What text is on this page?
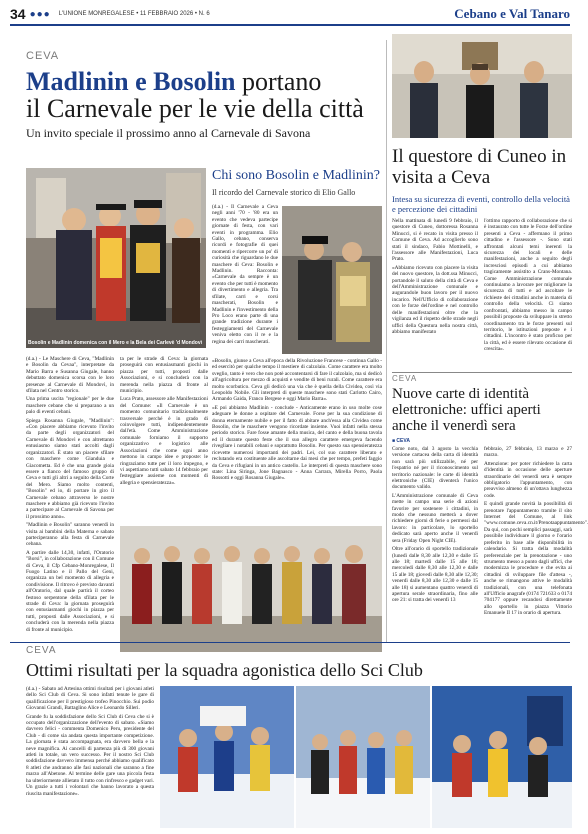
34 ●●● L'UNIONE MONREGALESE • 11 FEBBRAIO 2026 • N. 6	Cebano e Val Tanaro
CEVA
Madlinin e Bosolin portano
il Carnevale per le vie della città
Un invito speciale il prossimo anno al Carnevale di Savona
Bosolin e Madlinin domenica con il Mero e la Bela dei Carlevè 'd Mondovì

(d.a.) - Le Maschere di Ceva, "Madlinin e Bosolin da Cevaa", interpretate da Mario Barra e Susanna Giugale, hanno debuttato domenica scorsa con le loro presenze al Carnevale di Mondovì, in sfilata nel Centro storico.

Una prima uscita "regionale" per le due maschere cebane che si preparano a un palo di eventi cebani.

Spiega Rosanna Giugale, "Madlinin": «Con piacere abbiamo ricevuto l'invito da parte degli organizzatori del Carnevale di Mondovì e con altrettanto entusiasmo siamo stati accolti dagli organizzatori. È stato un piacere sfilare con maschere come Gianduia e Giacometta. Ed è che una grande gioia essere a fianco del famoso gruppo di Ceva e tutti gli altri a seguito della Corte del Mero. Siamo molto contenti, "Bosolin" ed io, di portare in giro il Carnevale cebano attraverso le nostre maschere e abbiamo già ricevuto l'invito a partecipare al Carnevale di Savona per il prossimo anno».

"Madlinin e Bosolin" saranno venerdì in visita ai bambini della Materna e sabato parteciperanno alla festa di Carnevale cebana.

A partire dalle 14,30, infatti, l'Oratorio "Borsi", in collaborazione con il Comune di Ceva, il Cfp Cebano-Monregalese, Il Fuogo Latino e il Pallo del Geni, organizza un bel momento di allegria e condivisione. Il ritrovo è previsto davanti all'Oratorio, dal quale partirà il corteo festoso serpentone della sfilata per le strade di Ceva: la giornata proseguirà con entusiasmanti giochi in piazza per tutti, proposti dalle Associazioni, e si concluderà con la merenda nella piazza di fronte al municipio.

ta per le strade di Ceva: la giornata proseguirà con entusiasmanti giochi in piazza per tutti, proposti dalle Associazioni, e si concluderà con la merenda nella piazza di fronte al municipio.

Luca Prato, assessore alle Manifestazioni del Comune: «Il Carnevale è un momento comunitario tradizionalmente trasversale perché è in grado di coinvolgere tutti, indipendentemente dall'età. Come Amministrazione comunale forniamo il supporto organizzativo e logistico alle Associazioni che come ogni anno mettono in campo idee e proposte: le ringraziamo tutte per il loro impegno, e vi aspettiamo tutti sabato 14 febbraio per festeggiare assieme con momenti di allegria e spensieratezza».

Chi sono Bosolin e Madlinin?
Il ricordo del Carnevale storico di Elio Gallo
(d.a.) - Il Carnevale a Ceva negli anni '70 - '80 era un evento che vedeva partecipe giornate di festa, con vari eventi in programma. Elio Gallo, cebano, conserva ricordi e fotografie di quei momenti e ripercorre un po' di curiosità che riguardano le due maschere di Ceva: Bosolin e Madlinin. Racconta: «Carnevale da sempre è un evento che per tutti è momento di divertimento e allegria. Tra sfilate, carri e corsi mascherati, Bosolin e Madlinin e l'investimento della Pro Loco erano parte di una grande tradizione durante i festeggiamenti del Carnevale veniva eletto con il re e la regina dei carri mascherati.

«Bosolin, giunse a Ceva all'epoca della Rivoluzione Francese - continua Gallo - ed esercitò per qualche tempo il mestiere di calzolaio. Come carattere era molto sveglio, tanto è vero che non potè accontentarsi di fare il calzolaio, ma si dedicò all'agricoltura per mezzo di acquisti e vendite di beni rurali. Come carattere era molto scorbutico. Ceva gli dedicò una via che è quella della Cividea, così via Leopoldo Nobile. Gli interpreti di queste maschere sono stati Carlotto Cairo, Armando Gaida, Franco Bergese e oggi Mario Barra».

«E poi abbiamo Madlinin - conclude - Anticamente erano in uso molte cose adeguare le donne a ospitare del Carnevale. Forse per la sua condizione di donna eternamente nubile e per il fatto di abitare anch'essa alla Cividea come Bosolin, che le maschere vengono ricordate insieme. Vuoi infatti nella stessa periodo storico. Fare fosse amante della musica, del canto e della buona tavola ed il durante questo feste che il suo allegro carattere emergeva facendo rivegliare i notabili cebani e soprattutto Bosolin. Per questo sua spensieratezza ricevette numerosi importanti dei padri. Lei, col suo carattere liberato e reclutando era costituente alle ascoltarne dai mesi che per tempo, prefeti faggio da Ceva e rifugiani in un antico castello. Le interpreti di questa maschere sono state: Lina Siringa, Jone Bagnasco - Anna Carrara, Mirella Porro, Paola Rossotti e oggi Rosanna Giugale».

Il questore di Cuneo in visita a Ceva
Intesa su sicurezza di eventi, controllo della velocità e percezione dei cittadini

Nella mattinata di lunedì 9 febbraio, il questore di Cuneo, dottoressa Rosanna Minucci, si è recato in visita presso il Comune di Ceva. Ad accoglierlo sono stati il sindaco, Fabio Mottinelli, e l'assessore alle Manifestazioni, Luca Prato.

«Abbiamo ricevuto con piacere la visita del nuovo questore, la dott.ssa Minucci, portandole il saluto della città di Ceva e dell'Amministrazione comunale e augurandole buon lavoro per il nuovo incarico. Nell'Ufficio di collaborazione con le forze dell'ordine e nel controllo delle manifestazioni oltre che la vigilanza ed il rispetto delle strade negli uffici della Questura nella nostra città, abbiamo manifestato

l'ottimo rapporto di collaborazione che si è instaurato con tutte le Forze dell'ordine presenti a Ceva - affermano il primo cittadino e l'assessore -. Sono stati affrontati alcuni temi inerenti la sicurezza dei locali e delle manifestazioni, anche a seguito degli incresciosi episodi a cui abbiamo tragicamente assistito a Crans-Montana. Come Amministrazione comunale continuiamo a lavorare per migliorare la sicurezza di tutti e ad ascoltare le richieste dei cittadini anche in materia di controllo della velocità. Ci siamo confrontati, abbiamo messo in campo possibili proposte da sviluppare in stretto coordinamento tra le forze presenti sul territorio, le istituzioni preposte e i cittadini. L'incontro è stato proficuo per la città, ed è essere rilevato occasione di crescita».
CEVA
Nuove carte di identità elettroniche: uffici aperti anche il venerdì sera
■ CEVA

Come noto, dal 3 agosto la vecchia versione cartacea della carta di identità non sarà più utilizzabile, né per l'espatrio né per il riconoscimento sul territorio nazionale: le carte di identità elettroniche (CIE) diventerà l'unico documento valido.

L'Amministrazione comunale di Ceva mette in campo una serie di azioni favorire per sostenere i cittadini, in modo che nessuno metterà a dover richiedere giorni di ferie o permessi dal lavoro: in particolare, lo sportello dedicato sarà aperto anche il venerdì sera (Friday Open Night CIE).

Oltre all'orario di sportello tradizionale (lunedì dalle 8,30 alle 12,30 e dalle 15 alle 18; martedì dalle 15 alle 18; mercoledì dalle 8,30 alle 12,30 e dalle 15 alle 18; giovedì dalle 8,30 alle 12,30; venerdì dalle 8,30 alle 12,30 e dalle 15 alle 18) si aumentano quattro venerdì di apertura serale straordinaria, fino alle ore 21: si tratta dei venerdì 13

febbraio, 27 febbraio, 13 marzo e 27 marzo.

Attenzione: per poter richiedere la carta d'identità in occasione delle aperture straordinarie del venerdì sera è sempre obbligatorio l'appuntamento, con preavviso almeno di un'ottava lunghezza code.

E quindi grande novità la possibilità di prenotare l'appuntamento tramite il sito Internet del Comune, al link "www.comune.ceva.cn.it/Prenotaappuntamento". Da qui, con pochi semplici passaggi, sarà possibile individuare il giorno e l'orario preferito in base alle disponibilità in calendario. Si tratta della modalità preferenziale per la prenotazione - uno strumento messo a punto dagli uffici, che modernizza le procedure e che evita ai cittadini di sviluppare file d'attesa -, anche se rimangono attive le modalità tradizionali, con una telefonata all'Ufficio anagrafe (0174 721633 o 0174 704177 oppure recandosi direttamente allo sportello in piazza Vittorio Emanuele II 17 in orario di apertura.

CEVA
Ottimi risultati per la squadra agonistica dello Sci Club

(d.a.) - Sabato ad Artesina ottimi risultati per i giovani atleti dello Sci Club di Ceva. Si sono infatti tenute le gare di qualificazione per il prestigioso trofeo Pinocchio. Sui podio Giovanni Grandi, Battaglino Alice e Leonardo Silleri.

Grande fu la soddisfazione dello Sci Club di Ceva che si è occupato dell'organizzazione dell'evento di sabato. «Siamo davvero felici - commenta Domenico Peru, presidente del Club - di come sia andata questa importante competizione. La giornata è stata accompagnata, era davvero bella e la neve magnifica. Ai cancelli di partenza più di 300 giovani atleti in totale, un vero successo. Per il nostro Sci Club soddisfazione davvero immensa perché abbiamo qualificato 8 atleti che andranno alle fasi nazionali che saranno a fine marzo all'Abetone. Al termine delle gare una piccola festa ha ulteriormente allietato il tutto con rinfresco e gadget vari. Un grazie a tutti i volontari che hanno lavorato a questa riuscita manifestazione».
